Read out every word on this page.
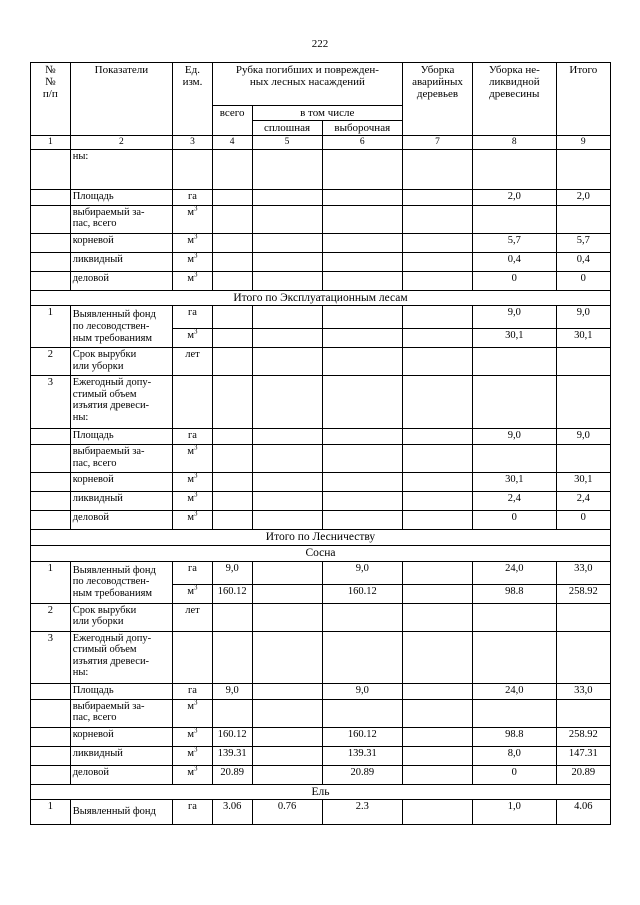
222
№
№
п/п	Показатели	Ед.
изм.	Рубка погибших и поврежден-
ных лесных насаждений			Уборка
аварийных
деревьев	Уборка не-
ликвидной
древесины	Итого
			всего	в том числе				
				сплошная	выборочная			
1	2	3	4	5	6	7	8	9
	ны:							
	Площадь	га					2,0	2,0
	выбираемый за-
пас, всего	$м^3$						
	корневой	$м^3$					5,7	5,7
	ликвидный	$м^3$					0,4	0,4
	деловой	$м^3$					0	0
Итого по Эксплуатационным лесам								
1	Выявленный фонд
по лесоводствен-
ным требованиям	га					9,0	9,0
		$м^3$					30,1	30,1
2	Срок вырубки
или уборки	лет						
3	Ежегодный допу-
стимый объем
изъятия древеси-
ны:							
	Площадь	га					9,0	9,0
	выбираемый за-
пас, всего	$м^3$						
	корневой	$м^3$					30,1	30,1
	ликвидный	$м^3$					2,4	2,4
	деловой	$м^3$					0	0
Итого по Лесничеству								
Сосна								
1	Выявленный фонд
по лесоводствен-
ным требованиям	га	9,0		9,0		24,0	33,0
		$м^3$	160.12		160.12		98.8	258.92
2	Срок вырубки
или уборки	лет						
3	Ежегодный допу-
стимый объем
изъятия древеси-
ны:							
	Площадь	га	9,0		9,0		24,0	33,0
	выбираемый за-
пас, всего	$м^3$						
	корневой	$м^3$	160.12		160.12		98.8	258.92
	ликвидный	$м^3$	139.31		139.31		8,0	147.31
	деловой	$м^3$	20.89		20.89		0	20.89
Ель								
1	Выявленный фонд	га	3.06	0.76	2.3		1,0	4.06
